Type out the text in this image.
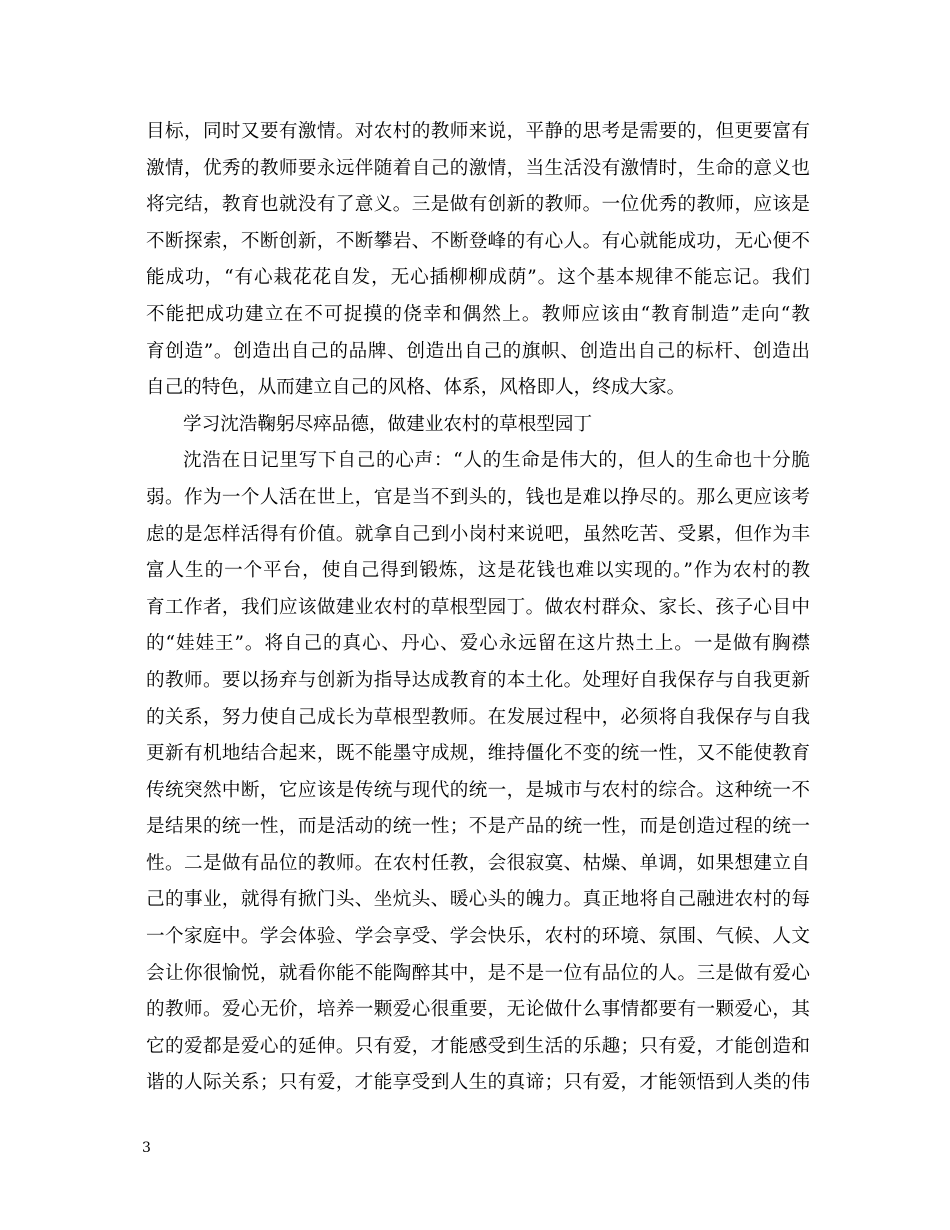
目标，同时又要有激情。对农村的教师来说，平静的思考是需要的，但更要富有
激情，优秀的教师要永远伴随着自己的激情，当生活没有激情时，生命的意义也
将完结，教育也就没有了意义。三是做有创新的教师。一位优秀的教师，应该是
不断探索，不断创新，不断攀岩、不断登峰的有心人。有心就能成功，无心便不
能成功，“有心栽花花自发，无心插柳柳成荫”。这个基本规律不能忘记。我们
不能把成功建立在不可捉摸的侥幸和偶然上。教师应该由“教育制造”走向“教
育创造”。创造出自己的品牌、创造出自己的旗帜、创造出自己的标杆、创造出
自己的特色，从而建立自己的风格、体系，风格即人，终成大家。
学习沈浩鞠躬尽瘁品德，做建业农村的草根型园丁
沈浩在日记里写下自己的心声：“人的生命是伟大的，但人的生命也十分脆
弱。作为一个人活在世上，官是当不到头的，钱也是难以挣尽的。那么更应该考
虑的是怎样活得有价值。就拿自己到小岗村来说吧，虽然吃苦、受累，但作为丰
富人生的一个平台，使自己得到锻炼，这是花钱也难以实现的。”作为农村的教
育工作者，我们应该做建业农村的草根型园丁。做农村群众、家长、孩子心目中
的“娃娃王”。将自己的真心、丹心、爱心永远留在这片热土上。一是做有胸襟
的教师。要以扬弃与创新为指导达成教育的本土化。处理好自我保存与自我更新
的关系，努力使自己成长为草根型教师。在发展过程中，必须将自我保存与自我
更新有机地结合起来，既不能墨守成规，维持僵化不变的统一性，又不能使教育
传统突然中断，它应该是传统与现代的统一，是城市与农村的综合。这种统一不
是结果的统一性，而是活动的统一性；不是产品的统一性，而是创造过程的统一
性。二是做有品位的教师。在农村任教，会很寂寞、枯燥、单调，如果想建立自
己的事业，就得有掀门头、坐炕头、暖心头的魄力。真正地将自己融进农村的每
一个家庭中。学会体验、学会享受、学会快乐，农村的环境、氛围、气候、人文
会让你很愉悦，就看你能不能陶醉其中，是不是一位有品位的人。三是做有爱心
的教师。爱心无价，培养一颗爱心很重要，无论做什么事情都要有一颗爱心，其
它的爱都是爱心的延伸。只有爱，才能感受到生活的乐趣；只有爱，才能创造和
谐的人际关系；只有爱，才能享受到人生的真谛；只有爱，才能领悟到人类的伟
3
